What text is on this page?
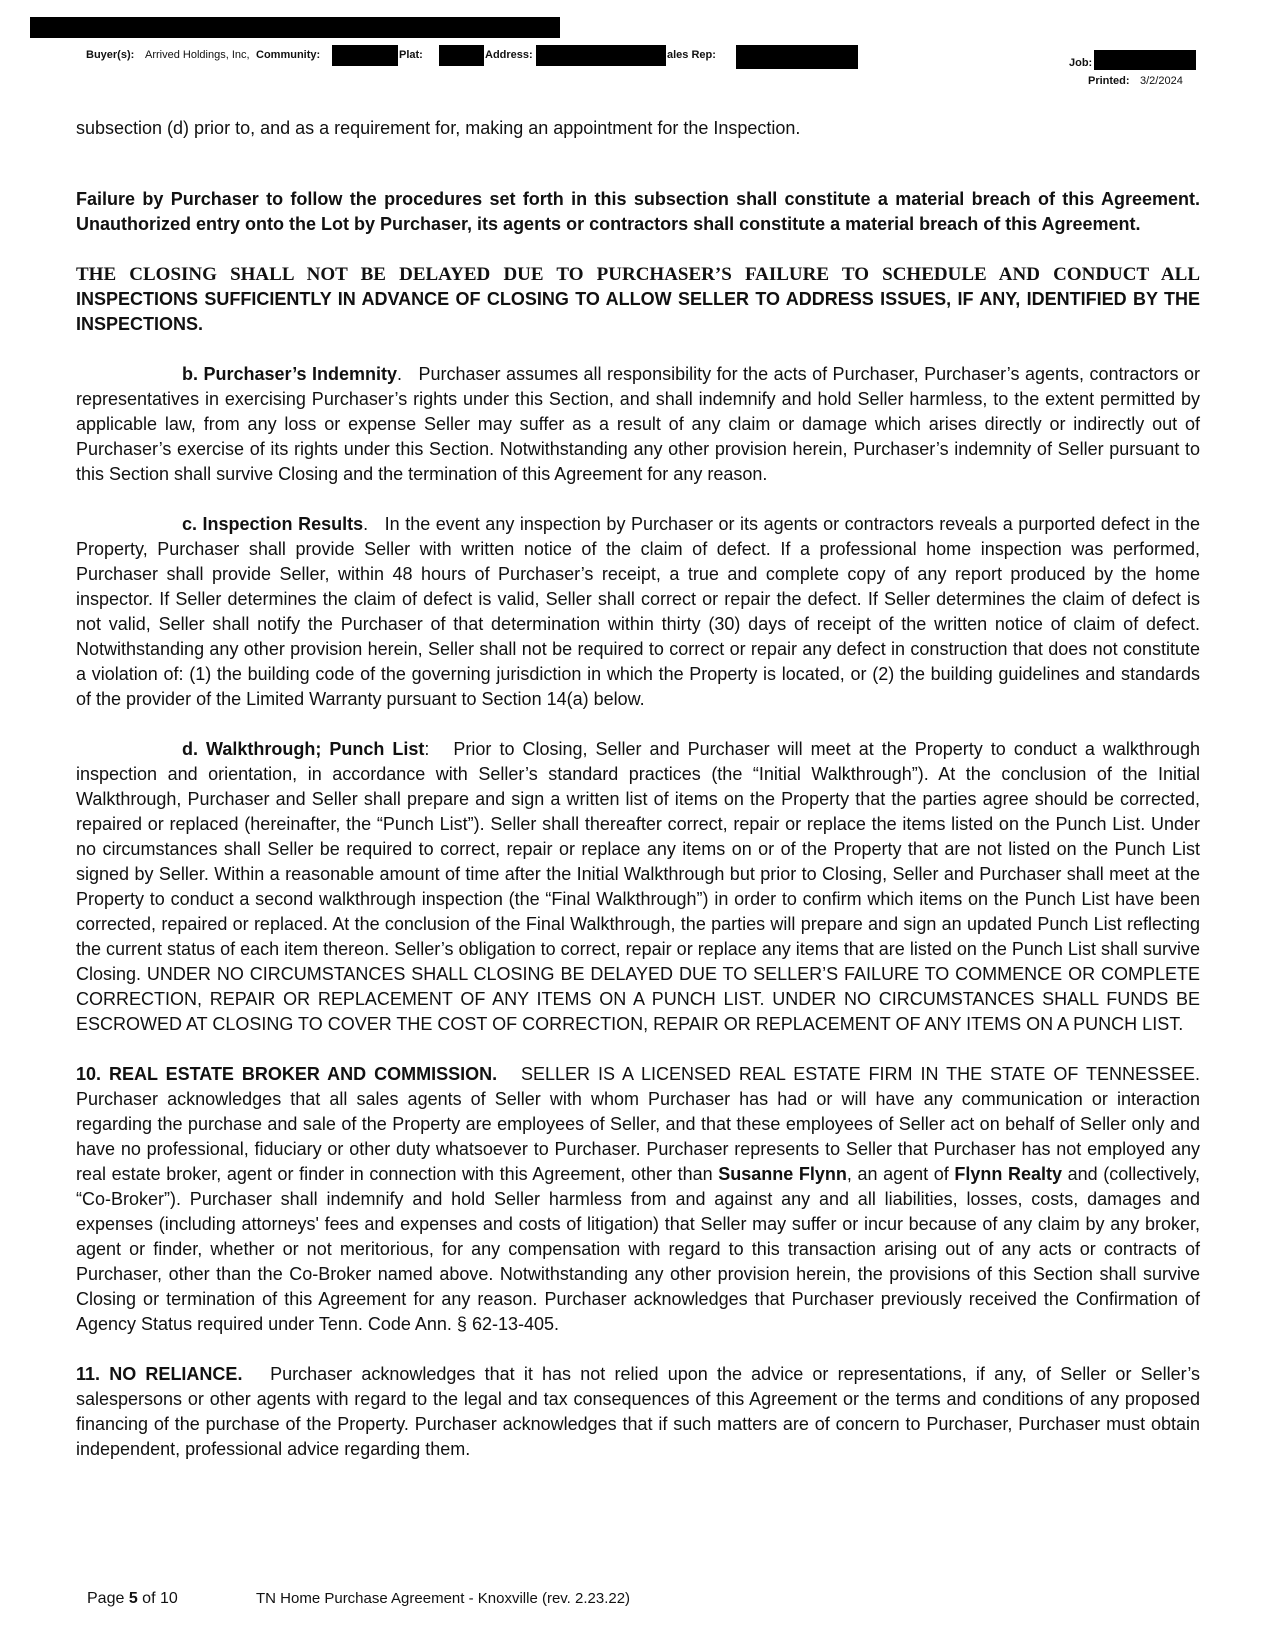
Buyer(s): Arrived Holdings, Inc, Community:	Plat:	Address:	ales Rep:
Job:
Printed: 3/2/2024

subsection (d) prior to, and as a requirement for, making an appointment for the Inspection.

Failure by Purchaser to follow the procedures set forth in this subsection shall constitute a material breach of this Agreement. Unauthorized entry onto the Lot by Purchaser, its agents or contractors shall constitute a material breach of this Agreement.

THE CLOSING SHALL NOT BE DELAYED DUE TO PURCHASER’S FAILURE TO SCHEDULE AND CONDUCT ALL INSPECTIONS SUFFICIENTLY IN ADVANCE OF CLOSING TO ALLOW SELLER TO ADDRESS ISSUES, IF ANY, IDENTIFIED BY THE INSPECTIONS.

b. Purchaser’s Indemnity.   Purchaser assumes all responsibility for the acts of Purchaser, Purchaser’s agents, contractors or representatives in exercising Purchaser’s rights under this Section, and shall indemnify and hold Seller harmless, to the extent permitted by applicable law, from any loss or expense Seller may suffer as a result of any claim or damage which arises directly or indirectly out of Purchaser’s exercise of its rights under this Section. Notwithstanding any other provision herein, Purchaser’s indemnity of Seller pursuant to this Section shall survive Closing and the termination of this Agreement for any reason.

c. Inspection Results.   In the event any inspection by Purchaser or its agents or contractors reveals a purported defect in the Property, Purchaser shall provide Seller with written notice of the claim of defect. If a professional home inspection was performed, Purchaser shall provide Seller, within 48 hours of Purchaser’s receipt, a true and complete copy of any report produced by the home inspector. If Seller determines the claim of defect is valid, Seller shall correct or repair the defect. If Seller determines the claim of defect is not valid, Seller shall notify the Purchaser of that determination within thirty (30) days of receipt of the written notice of claim of defect. Notwithstanding any other provision herein, Seller shall not be required to correct or repair any defect in construction that does not constitute a violation of: (1) the building code of the governing jurisdiction in which the Property is located, or (2) the building guidelines and standards of the provider of the Limited Warranty pursuant to Section 14(a) below.

d. Walkthrough; Punch List:   Prior to Closing, Seller and Purchaser will meet at the Property to conduct a walkthrough inspection and orientation, in accordance with Seller’s standard practices (the “Initial Walkthrough”). At the conclusion of the Initial Walkthrough, Purchaser and Seller shall prepare and sign a written list of items on the Property that the parties agree should be corrected, repaired or replaced (hereinafter, the “Punch List”). Seller shall thereafter correct, repair or replace the items listed on the Punch List. Under no circumstances shall Seller be required to correct, repair or replace any items on or of the Property that are not listed on the Punch List signed by Seller. Within a reasonable amount of time after the Initial Walkthrough but prior to Closing, Seller and Purchaser shall meet at the Property to conduct a second walkthrough inspection (the “Final Walkthrough”) in order to confirm which items on the Punch List have been corrected, repaired or replaced. At the conclusion of the Final Walkthrough, the parties will prepare and sign an updated Punch List reflecting the current status of each item thereon. Seller’s obligation to correct, repair or replace any items that are listed on the Punch List shall survive Closing. UNDER NO CIRCUMSTANCES SHALL CLOSING BE DELAYED DUE TO SELLER’S FAILURE TO COMMENCE OR COMPLETE CORRECTION, REPAIR OR REPLACEMENT OF ANY ITEMS ON A PUNCH LIST. UNDER NO CIRCUMSTANCES SHALL FUNDS BE ESCROWED AT CLOSING TO COVER THE COST OF CORRECTION, REPAIR OR REPLACEMENT OF ANY ITEMS ON A PUNCH LIST.

10. REAL ESTATE BROKER AND COMMISSION. SELLER IS A LICENSED REAL ESTATE FIRM IN THE STATE OF TENNESSEE. Purchaser acknowledges that all sales agents of Seller with whom Purchaser has had or will have any communication or interaction regarding the purchase and sale of the Property are employees of Seller, and that these employees of Seller act on behalf of Seller only and have no professional, fiduciary or other duty whatsoever to Purchaser. Purchaser represents to Seller that Purchaser has not employed any real estate broker, agent or finder in connection with this Agreement, other than Susanne Flynn, an agent of Flynn Realty and (collectively, “Co-Broker”). Purchaser shall indemnify and hold Seller harmless from and against any and all liabilities, losses, costs, damages and expenses (including attorneys' fees and expenses and costs of litigation) that Seller may suffer or incur because of any claim by any broker, agent or finder, whether or not meritorious, for any compensation with regard to this transaction arising out of any acts or contracts of Purchaser, other than the Co-Broker named above. Notwithstanding any other provision herein, the provisions of this Section shall survive Closing or termination of this Agreement for any reason. Purchaser acknowledges that Purchaser previously received the Confirmation of Agency Status required under Tenn. Code Ann. § 62-13-405.

11. NO RELIANCE. Purchaser acknowledges that it has not relied upon the advice or representations, if any, of Seller or Seller’s salespersons or other agents with regard to the legal and tax consequences of this Agreement or the terms and conditions of any proposed financing of the purchase of the Property. Purchaser acknowledges that if such matters are of concern to Purchaser, Purchaser must obtain independent, professional advice regarding them.

Page 5 of 10	TN Home Purchase Agreement - Knoxville (rev. 2.23.22)
